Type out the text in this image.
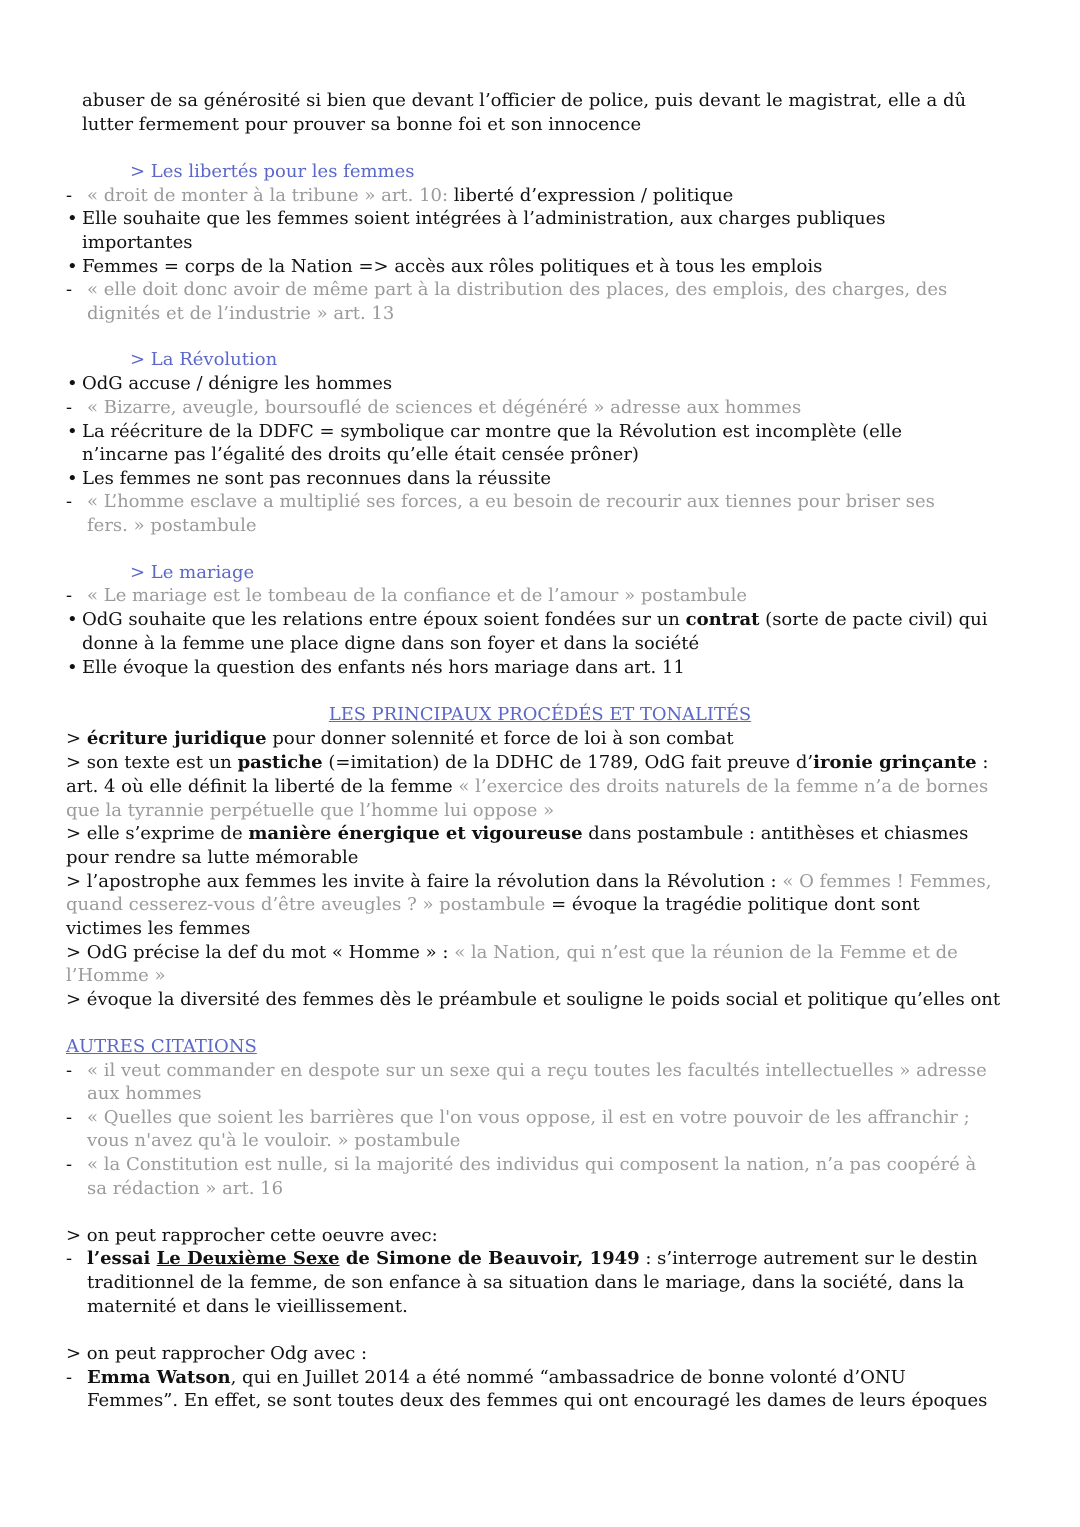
abuser de sa générosité si bien que devant l’officier de police, puis devant le magistrat, elle a dû
lutter fermement pour prouver sa bonne foi et son innocence
> Les libertés pour les femmes
- « droit de monter à la tribune » art. 10: liberté d’expression / politique
• Elle souhaite que les femmes soient intégrées à l’administration, aux charges publiques
importantes
• Femmes = corps de la Nation => accès aux rôles politiques et à tous les emplois
- « elle doit donc avoir de même part à la distribution des places, des emplois, des charges, des
dignités et de l’industrie » art. 13
> La Révolution
• OdG accuse / dénigre les hommes
- « Bizarre, aveugle, boursouflé de sciences et dégénéré » adresse aux hommes
• La réécriture de la DDFC = symbolique car montre que la Révolution est incomplète (elle
n’incarne pas l’égalité des droits qu’elle était censée prôner)
• Les femmes ne sont pas reconnues dans la réussite
- « L’homme esclave a multiplié ses forces, a eu besoin de recourir aux tiennes pour briser ses
fers. » postambule
> Le mariage
- « Le mariage est le tombeau de la confiance et de l’amour » postambule
• OdG souhaite que les relations entre époux soient fondées sur un contrat (sorte de pacte civil) qui
donne à la femme une place digne dans son foyer et dans la société
• Elle évoque la question des enfants nés hors mariage dans art. 11
LES PRINCIPAUX PROCÉDÉS ET TONALITÉS
> écriture juridique pour donner solennité et force de loi à son combat
> son texte est un pastiche (=imitation) de la DDHC de 1789, OdG fait preuve d’ironie grinçante :
art. 4 où elle définit la liberté de la femme « l’exercice des droits naturels de la femme n’a de bornes
que la tyrannie perpétuelle que l’homme lui oppose »
> elle s’exprime de manière énergique et vigoureuse dans postambule : antithèses et chiasmes
pour rendre sa lutte mémorable
> l’apostrophe aux femmes les invite à faire la révolution dans la Révolution : « O femmes ! Femmes,
quand cesserez-vous d’être aveugles ? » postambule = évoque la tragédie politique dont sont
victimes les femmes
> OdG précise la def du mot « Homme » : « la Nation, qui n’est que la réunion de la Femme et de
l’Homme »
> évoque la diversité des femmes dès le préambule et souligne le poids social et politique qu’elles ont
AUTRES CITATIONS
- « il veut commander en despote sur un sexe qui a reçu toutes les facultés intellectuelles » adresse
aux hommes
- « Quelles que soient les barrières que l'on vous oppose, il est en votre pouvoir de les affranchir ;
vous n'avez qu'à le vouloir. » postambule
- « la Constitution est nulle, si la majorité des individus qui composent la nation, n’a pas coopéré à
sa rédaction » art. 16
> on peut rapprocher cette oeuvre avec:
- l’essai Le Deuxième Sexe de Simone de Beauvoir, 1949 : s’interroge autrement sur le destin
traditionnel de la femme, de son enfance à sa situation dans le mariage, dans la société, dans la
maternité et dans le vieillissement.
> on peut rapprocher Odg avec :
- Emma Watson, qui en Juillet 2014 a été nommé “ambassadrice de bonne volonté d’ONU
Femmes”. En effet, se sont toutes deux des femmes qui ont encouragé les dames de leurs époques
